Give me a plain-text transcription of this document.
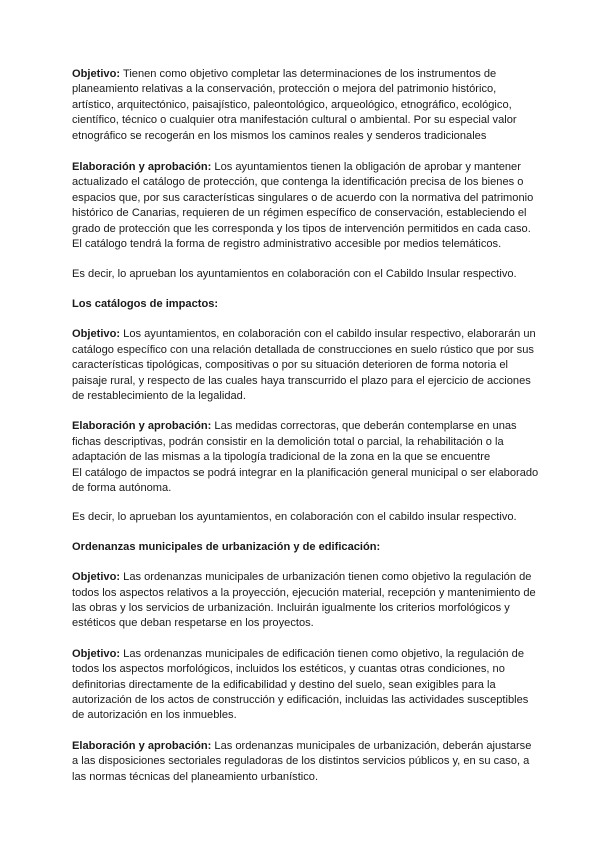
Objetivo: Tienen como objetivo completar las determinaciones de los instrumentos de planeamiento relativas a la conservación, protección o mejora del patrimonio histórico, artístico, arquitectónico, paisajístico, paleontológico, arqueológico, etnográfico, ecológico, científico, técnico o cualquier otra manifestación cultural o ambiental. Por su especial valor etnográfico se recogerán en los mismos los caminos reales y senderos tradicionales

Elaboración y aprobación: Los ayuntamientos tienen la obligación de aprobar y mantener actualizado el catálogo de protección, que contenga la identificación precisa de los bienes o espacios que, por sus características singulares o de acuerdo con la normativa del patrimonio histórico de Canarias, requieren de un régimen específico de conservación, estableciendo el grado de protección que les corresponda y los tipos de intervención permitidos en cada caso. El catálogo tendrá la forma de registro administrativo accesible por medios telemáticos.

Es decir, lo aprueban los ayuntamientos en colaboración con el Cabildo Insular respectivo.

Los catálogos de impactos:

Objetivo: Los ayuntamientos, en colaboración con el cabildo insular respectivo, elaborarán un catálogo específico con una relación detallada de construcciones en suelo rústico que por sus características tipológicas, compositivas o por su situación deterioren de forma notoria el paisaje rural, y respecto de las cuales haya transcurrido el plazo para el ejercicio de acciones de restablecimiento de la legalidad.

Elaboración y aprobación: Las medidas correctoras, que deberán contemplarse en unas fichas descriptivas, podrán consistir en la demolición total o parcial, la rehabilitación o la adaptación de las mismas a la tipología tradicional de la zona en la que se encuentre
El catálogo de impactos se podrá integrar en la planificación general municipal o ser elaborado de forma autónoma.

Es decir, lo aprueban los ayuntamientos, en colaboración con el cabildo insular respectivo.

Ordenanzas municipales de urbanización y de edificación:

Objetivo: Las ordenanzas municipales de urbanización tienen como objetivo la regulación de todos los aspectos relativos a la proyección, ejecución material, recepción y mantenimiento de las obras y los servicios de urbanización. Incluirán igualmente los criterios morfológicos y estéticos que deban respetarse en los proyectos.

Objetivo: Las ordenanzas municipales de edificación tienen como objetivo, la regulación de todos los aspectos morfológicos, incluidos los estéticos, y cuantas otras condiciones, no definitorias directamente de la edificabilidad y destino del suelo, sean exigibles para la autorización de los actos de construcción y edificación, incluidas las actividades susceptibles de autorización en los inmuebles.

Elaboración y aprobación: Las ordenanzas municipales de urbanización, deberán ajustarse a las disposiciones sectoriales reguladoras de los distintos servicios públicos y, en su caso, a las normas técnicas del planeamiento urbanístico.
